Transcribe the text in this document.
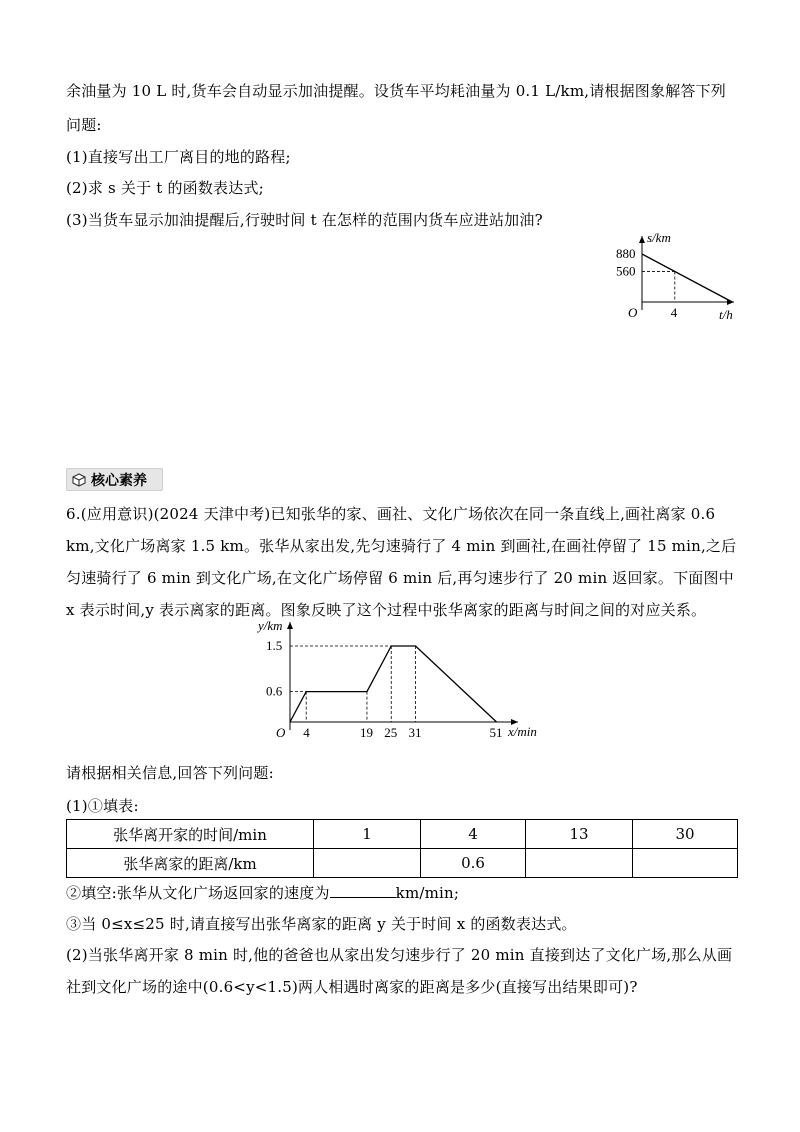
余油量为 10 L 时,货车会自动显示加油提醒。设货车平均耗油量为 0.1 L/km,请根据图象解答下列
问题:
(1)直接写出工厂离目的地的路程;
(2)求 s 关于 t 的函数表达式;
(3)当货车显示加油提醒后,行驶时间 t 在怎样的范围内货车应进站加油?
O
s/km
t/h
880
560
4
核心素养
6.(应用意识)(2024 天津中考)已知张华的家、画社、文化广场依次在同一条直线上,画社离家 0.6
km,文化广场离家 1.5 km。张华从家出发,先匀速骑行了 4 min 到画社,在画社停留了 15 min,之后
匀速骑行了 6 min 到文化广场,在文化广场停留 6 min 后,再匀速步行了 20 min 返回家。下面图中
x 表示时间,y 表示离家的距离。图象反映了这个过程中张华离家的距离与时间之间的对应关系。
O
y/km
x/min
1.5
0.6
4	19 25 31	51
请根据相关信息,回答下列问题:
(1)①填表:
张华离开家的时间/min	1	4	13	30
张华离家的距离/km		0.6		
②填空:张华从文化广场返回家的速度为	km/min;
③当 0≤x≤25 时,请直接写出张华离家的距离 y 关于时间 x 的函数表达式。
(2)当张华离开家 8 min 时,他的爸爸也从家出发匀速步行了 20 min 直接到达了文化广场,那么从画
社到文化广场的途中(0.6<y<1.5)两人相遇时离家的距离是多少(直接写出结果即可)?
